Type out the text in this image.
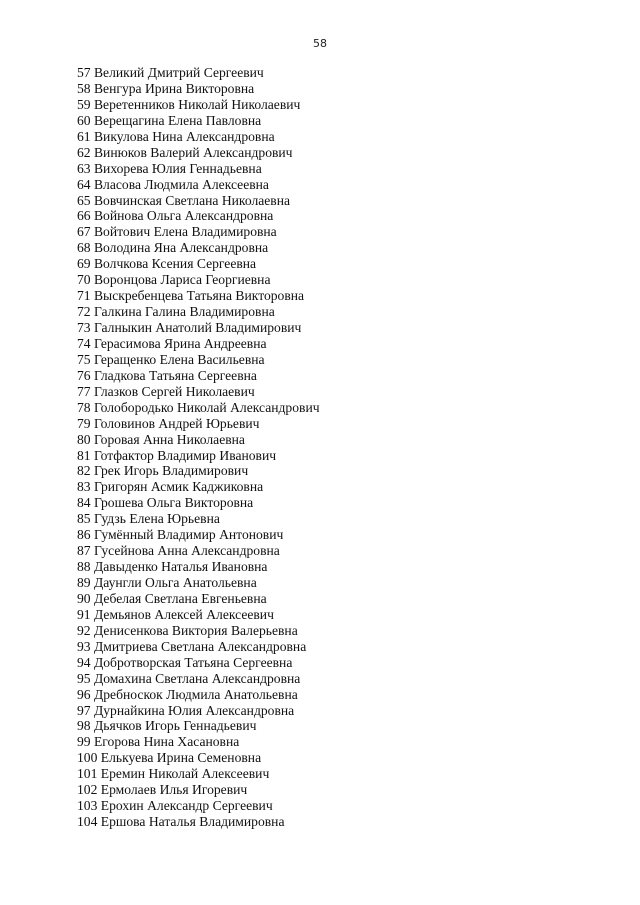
58
57 Великий Дмитрий Сергеевич
58 Венгура Ирина Викторовна
59 Веретенников Николай Николаевич
60 Верещагина Елена Павловна
61 Викулова Нина Александровна
62 Винюков Валерий Александрович
63 Вихорева Юлия Геннадьевна
64 Власова Людмила Алексеевна
65 Вовчинская Светлана Николаевна
66 Войнова Ольга Александровна
67 Войтович Елена Владимировна
68 Володина Яна Александровна
69 Волчкова Ксения Сергеевна
70 Воронцова Лариса Георгиевна
71 Выскребенцева Татьяна Викторовна
72 Галкина Галина Владимировна
73 Галныкин Анатолий Владимирович
74 Герасимова Ярина Андреевна
75 Геращенко Елена Васильевна
76 Гладкова Татьяна Сергеевна
77 Глазков Сергей Николаевич
78 Голобородько Николай Александрович
79 Головинов Андрей Юрьевич
80 Горовая Анна Николаевна
81 Готфактор Владимир Иванович
82 Грек Игорь Владимирович
83 Григорян Асмик Каджиковна
84 Грошева Ольга Викторовна
85 Гудзь Елена Юрьевна
86 Гумённый Владимир Антонович
87 Гусейнова Анна Александровна
88 Давыденко Наталья Ивановна
89 Даунгли Ольга Анатольевна
90 Дебелая Светлана Евгеньевна
91 Демьянов Алексей Алексеевич
92 Денисенкова Виктория Валерьевна
93 Дмитриева Светлана Александровна
94 Добротворская Татьяна Сергеевна
95 Домахина Светлана Александровна
96 Дребноскок Людмила Анатольевна
97 Дурнайкина Юлия Александровна
98 Дьячков Игорь Геннадьевич
99 Егорова Нина Хасановна
100 Елькуева Ирина Семеновна
101 Еремин Николай Алексеевич
102 Ермолаев Илья Игоревич
103 Ерохин Александр Сергеевич
104 Ершова Наталья Владимировна
